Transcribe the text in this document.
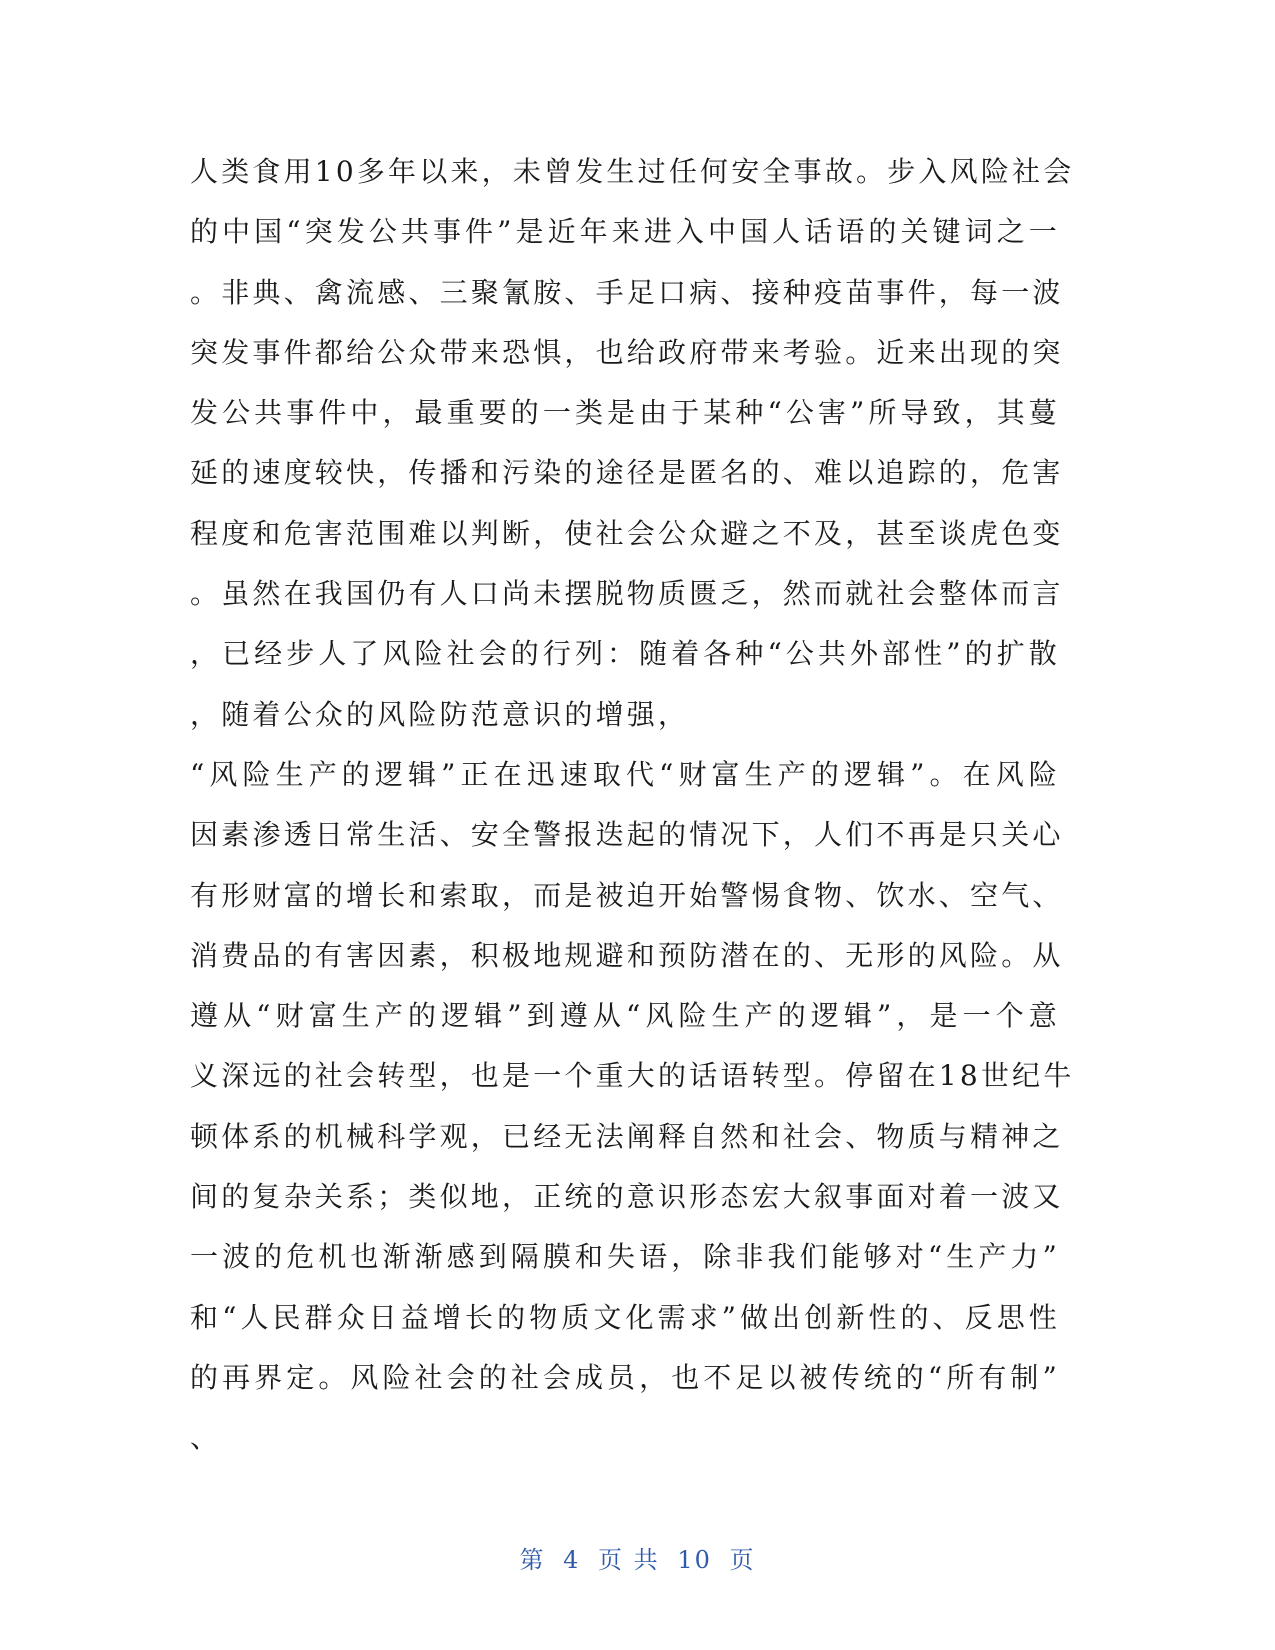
人类食用10多年以来，未曾发生过任何安全事故。步入风险社会
的中国“突发公共事件”是近年来进入中国人话语的关键词之一
。非典、禽流感、三聚氰胺、手足口病、接种疫苗事件，每一波
突发事件都给公众带来恐惧，也给政府带来考验。近来出现的突
发公共事件中，最重要的一类是由于某种“公害”所导致，其蔓
延的速度较快，传播和污染的途径是匿名的、难以追踪的，危害
程度和危害范围难以判断，使社会公众避之不及，甚至谈虎色变
。虽然在我国仍有人口尚未摆脱物质匮乏，然而就社会整体而言
，已经步人了风险社会的行列：随着各种“公共外部性”的扩散
，随着公众的风险防范意识的增强，
“风险生产的逻辑”正在迅速取代“财富生产的逻辑”。在风险
因素渗透日常生活、安全警报迭起的情况下，人们不再是只关心
有形财富的增长和索取，而是被迫开始警惕食物、饮水、空气、
消费品的有害因素，积极地规避和预防潜在的、无形的风险。从
遵从“财富生产的逻辑”到遵从“风险生产的逻辑”，是一个意
义深远的社会转型，也是一个重大的话语转型。停留在18世纪牛
顿体系的机械科学观，已经无法阐释自然和社会、物质与精神之
间的复杂关系；类似地，正统的意识形态宏大叙事面对着一波又
一波的危机也渐渐感到隔膜和失语，除非我们能够对“生产力”
和“人民群众日益增长的物质文化需求”做出创新性的、反思性
的再界定。风险社会的社会成员，也不足以被传统的“所有制”
、
第 4 页 共 10 页
